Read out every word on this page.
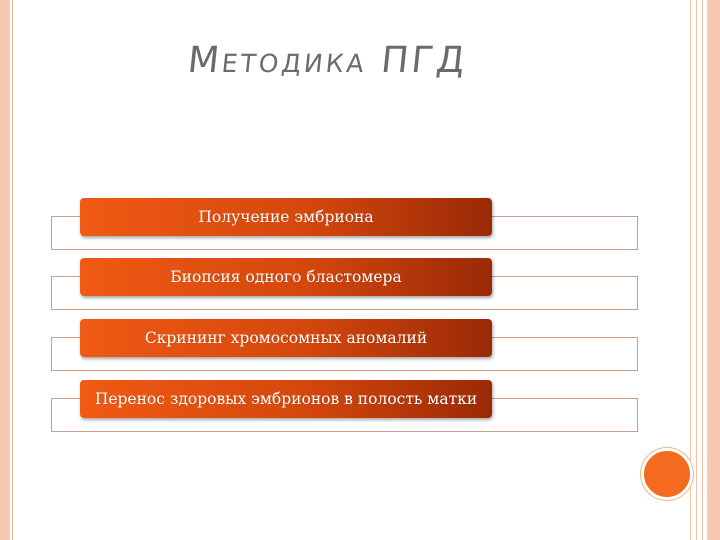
Методика ПГД
Получение эмбриона
Биопсия одного бластомера
Скрининг хромосомных аномалий
Перенос здоровых эмбрионов в полость матки
